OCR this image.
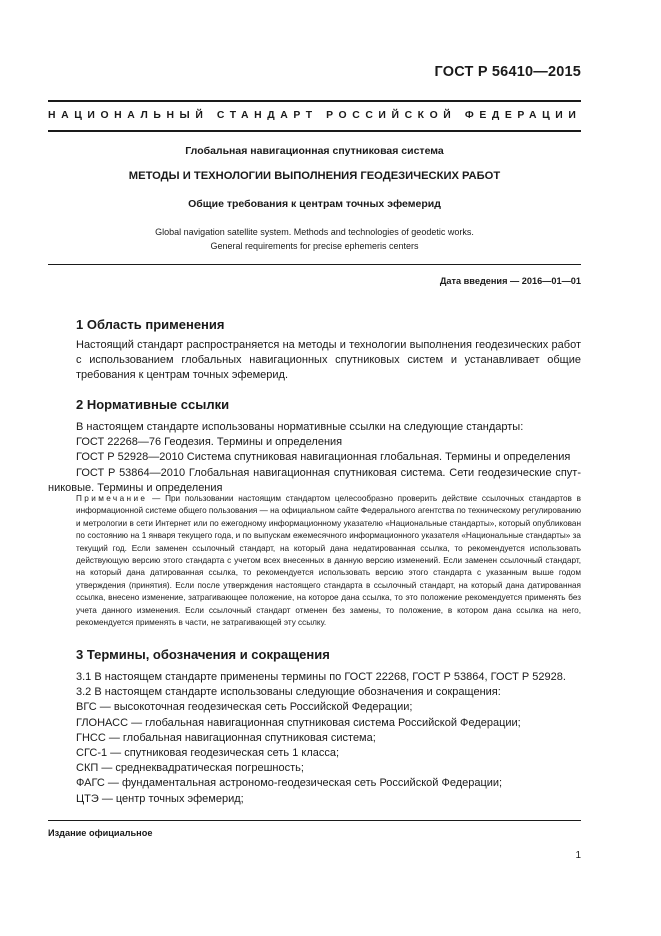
ГОСТ Р 56410—2015
НАЦИОНАЛЬНЫЙ СТАНДАРТ РОССИЙСКОЙ ФЕДЕРАЦИИ
Глобальная навигационная спутниковая система
МЕТОДЫ И ТЕХНОЛОГИИ ВЫПОЛНЕНИЯ ГЕОДЕЗИЧЕСКИХ РАБОТ
Общие требования к центрам точных эфемерид
Global navigation satellite system. Methods and technologies of geodetic works.
General requirements for precise ephemeris centers
Дата введения — 2016—01—01
1 Область применения
Настоящий стандарт распространяется на методы и технологии выполнения геодезических работ с использованием глобальных навигационных спутниковых систем и устанавливает общие требования к центрам точных эфемерид.
2 Нормативные ссылки
В настоящем стандарте использованы нормативные ссылки на следующие стандарты:
ГОСТ 22268—76 Геодезия. Термины и определения
ГОСТ Р 52928—2010 Система спутниковая навигационная глобальная. Термины и определения
ГОСТ Р 53864—2010 Глобальная навигационная спутниковая система. Сети геодезические спут-
никовые. Термины и определения
Примечание — При пользовании настоящим стандартом целесообразно проверить действие ссылочных стандартов в информационной системе общего пользования — на официальном сайте Федерального агентства по техническому регулированию и метрологии в сети Интернет или по ежегодному информационному указателю «Национальные стандарты», который опубликован по состоянию на 1 января текущего года, и по выпускам ежемесячного информационного указателя «Национальные стандарты» за текущий год. Если заменен ссылочный стандарт, на который дана недатированная ссылка, то рекомендуется использовать действующую версию этого стандарта с учетом всех внесенных в данную версию изменений. Если заменен ссылочный стандарт, на который дана датированная ссылка, то рекомендуется использовать версию этого стандарта с указанным выше годом утверждения (принятия). Если после утверждения настоящего стандарта в ссылочный стандарт, на который дана датированная ссылка, внесено изменение, затрагивающее положение, на которое дана ссылка, то это положение рекомендуется применять без учета данного изменения. Если ссылочный стандарт отменен без замены, то положение, в котором дана ссылка на него, рекомендуется применять в части, не затрагивающей эту ссылку.
3 Термины, обозначения и сокращения
3.1 В настоящем стандарте применены термины по ГОСТ 22268, ГОСТ Р 53864, ГОСТ Р 52928.
3.2 В настоящем стандарте использованы следующие обозначения и сокращения:
ВГС — высокоточная геодезическая сеть Российской Федерации;
ГЛОНАСС — глобальная навигационная спутниковая система Российской Федерации;
ГНСС — глобальная навигационная спутниковая система;
СГС-1 — спутниковая геодезическая сеть 1 класса;
СКП — среднеквадратическая погрешность;
ФАГС — фундаментальная астрономо-геодезическая сеть Российской Федерации;
ЦТЭ — центр точных эфемерид;
Издание официальное
1
